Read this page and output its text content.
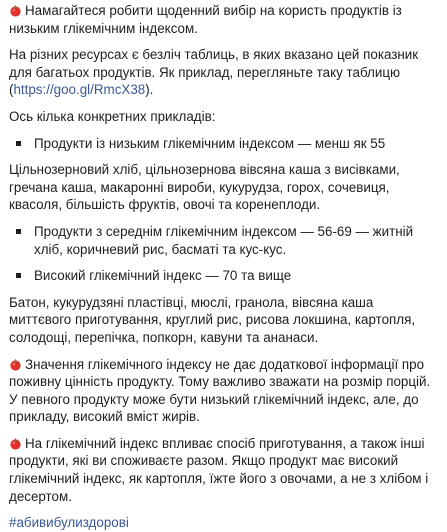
Намагайтеся робити щоденний вибір на користь продуктів із низьким глікемічним індексом.

На різних ресурсах є безліч таблиць, в яких вказано цей показник для багатьох продуктів. Як приклад, перегляньте таку таблицю (https://goo.gl/RmcX38).

Ось кілька конкретних прикладів:

Продукти із низьким глікемічним індексом — менш як 55

Цільнозерновий хліб, цільнозернова вівсяна каша з висівками, гречана каша, макаронні вироби, кукурудза, горох, сочевиця, квасоля, більшість фруктів, овочі та коренеплоди.

Продукти з середнім глікемічним індексом — 56-69 — житній хліб, коричневий рис, басматі та кус-кус.
Високий глікемічний індекс — 70 та вище

Батон, кукурудзяні пластівці, мюслі, гранола, вівсяна каша миттєвого приготування, круглий рис, рисова локшина, картопля, солодощі, перепічка, попкорн, кавуни та ананаси.

Значення глікемічного індексу не дає додаткової інформації про поживну цінність продукту. Тому важливо зважати на розмір порцій. У певного продукту може бути низький глікемічний індекс, але, до прикладу, високий вміст жирів.

На глікемічний індекс впливає спосіб приготування, а також інші продукти, які ви споживаєте разом. Якщо продукт має високий глікемічний індекс, як картопля, їжте його з овочами, а не з хлібом і десертом.

#абивибулиздорові
